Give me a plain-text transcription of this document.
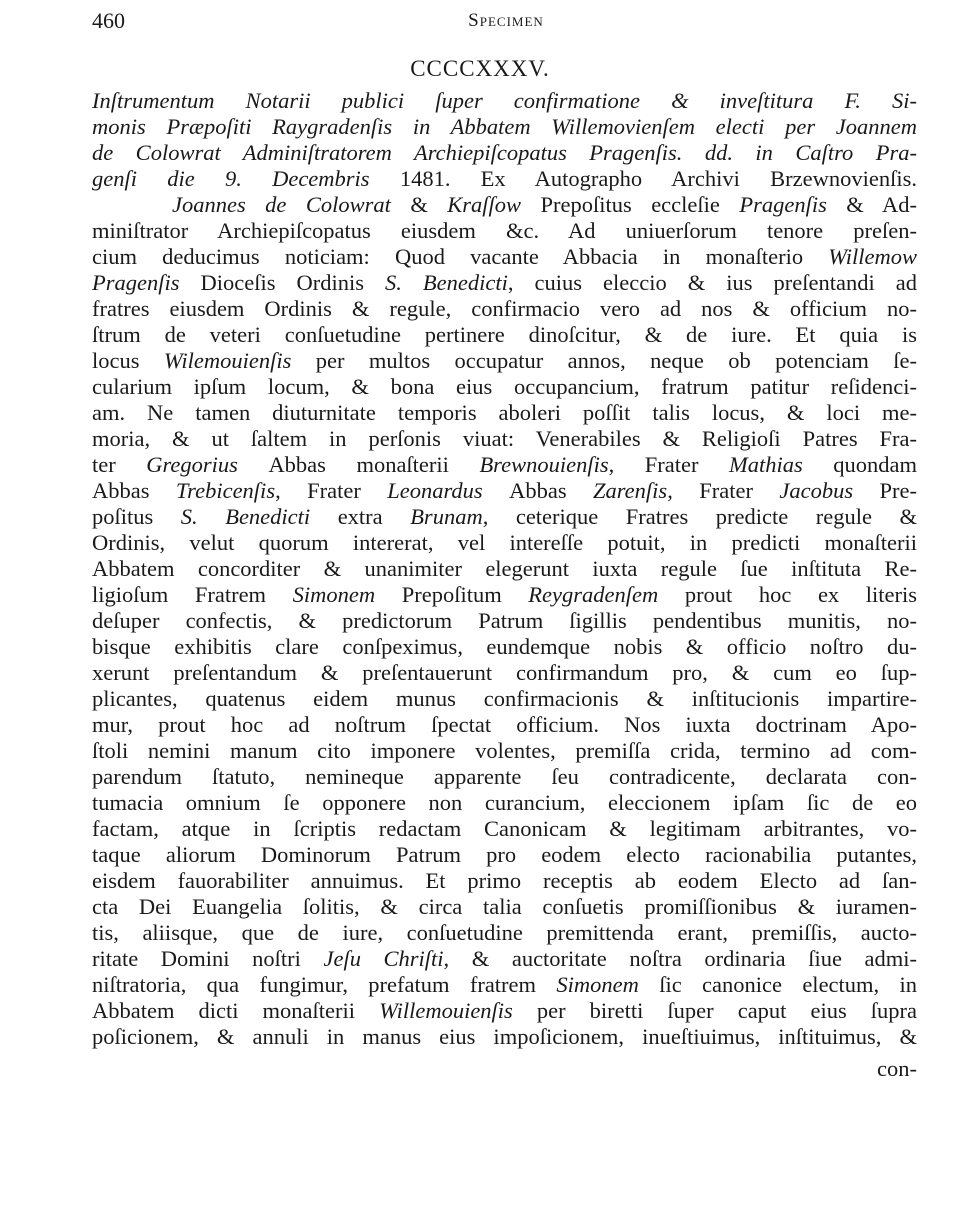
460	Specimen
CCCCXXXV.
Inſtrumentum Notarii publici ſuper confirmatione & inveſtitura F. Si-
monis Præpoſiti Raygradenſis in Abbatem Willemovienſem electi per Joannem
de Colowrat Adminiſtratorem Archiepiſcopatus Pragenſis. dd. in Caſtro Pra-
genſi die 9. Decembris 1481. Ex Autographo Archivi Brzewnovienſis.
Joannes de Colowrat & Kraſſow Prepoſitus eccleſie Pragenſis & Ad-
miniſtrator Archiepiſcopatus eiusdem &c. Ad uniuerſorum tenore preſen-
cium deducimus noticiam: Quod vacante Abbacia in monaſterio Willemow
Pragenſis Dioceſis Ordinis S. Benedicti, cuius eleccio & ius preſentandi ad
fratres eiusdem Ordinis & regule, confirmacio vero ad nos & officium no-
ſtrum de veteri conſuetudine pertinere dinoſcitur, & de iure. Et quia is
locus Wilemouienſis per multos occupatur annos, neque ob potenciam ſe-
cularium ipſum locum, & bona eius occupancium, fratrum patitur reſidenci-
am. Ne tamen diuturnitate temporis aboleri poſſit talis locus, & loci me-
moria, & ut ſaltem in perſonis viuat: Venerabiles & Religioſi Patres Fra-
ter Gregorius Abbas monaſterii Brewnouienſis, Frater Mathias quondam
Abbas Trebicenſis, Frater Leonardus Abbas Zarenſis, Frater Jacobus Pre-
poſitus S. Benedicti extra Brunam, ceterique Fratres predicte regule &
Ordinis, velut quorum intererat, vel intereſſe potuit, in predicti monaſterii
Abbatem concorditer & unanimiter elegerunt iuxta regule ſue inſtituta Re-
ligioſum Fratrem Simonem Prepoſitum Reygradenſem prout hoc ex literis
deſuper confectis, & predictorum Patrum ſigillis pendentibus munitis, no-
bisque exhibitis clare conſpeximus, eundemque nobis & officio noſtro du-
xerunt preſentandum & preſentauerunt confirmandum pro, & cum eo ſup-
plicantes, quatenus eidem munus confirmacionis & inſtitucionis impartire-
mur, prout hoc ad noſtrum ſpectat officium. Nos iuxta doctrinam Apo-
ſtoli nemini manum cito imponere volentes, premiſſa crida, termino ad com-
parendum ſtatuto, nemineque apparente ſeu contradicente, declarata con-
tumacia omnium ſe opponere non curancium, eleccionem ipſam ſic de eo
factam, atque in ſcriptis redactam Canonicam & legitimam arbitrantes, vo-
taque aliorum Dominorum Patrum pro eodem electo racionabilia putantes,
eisdem fauorabiliter annuimus. Et primo receptis ab eodem Electo ad ſan-
cta Dei Euangelia ſolitis, & circa talia conſuetis promiſſionibus & iuramen-
tis, aliisque, que de iure, conſuetudine premittenda erant, premiſſis, aucto-
ritate Domini noſtri Jeſu Chriſti, & auctoritate noſtra ordinaria ſiue admi-
niſtratoria, qua fungimur, prefatum fratrem Simonem ſic canonice electum, in
Abbatem dicti monaſterii Willemouienſis per biretti ſuper caput eius ſupra
poſicionem, & annuli in manus eius impoſicionem, inueſtiuimus, inſtituimus, &
con-
